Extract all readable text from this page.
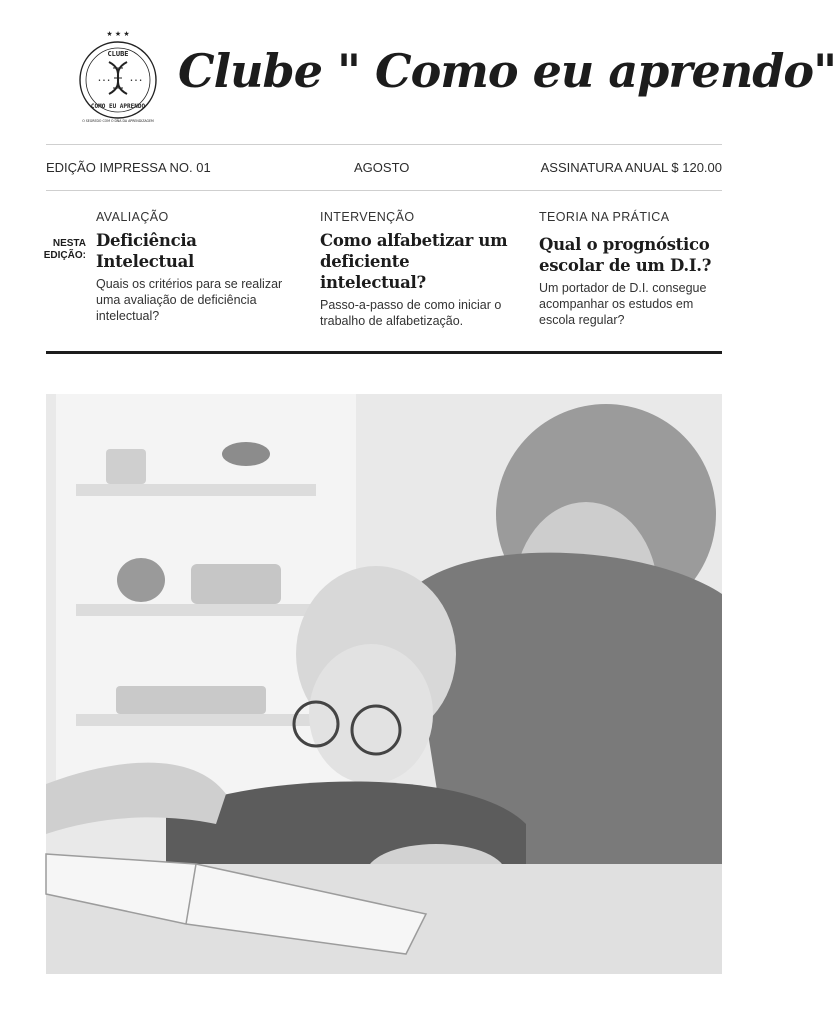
★ ★ ★
CLUBE
• • •	• • •
COMO EU APRENDO
O SEGREDO COM O DNA DA APRENDIZAGEM
Clube " Como eu aprendo"
EDIÇÃO IMPRESSA NO. 01	AGOSTO	ASSINATURA ANUAL $ 120.00
NESTA
EDIÇÃO:

AVALIAÇÃO

Deficiência Intelectual

Quais os critérios para se realizar uma avaliação de deficiência intelectual?

INTERVENÇÃO

Como alfabetizar um deficiente intelectual?

Passo-a-passo de como iniciar o trabalho de alfabetização.

TEORIA NA PRÁTICA

Qual o prognóstico escolar de um D.I.?

Um portador de D.I. consegue acompanhar os estudos em escola regular?
